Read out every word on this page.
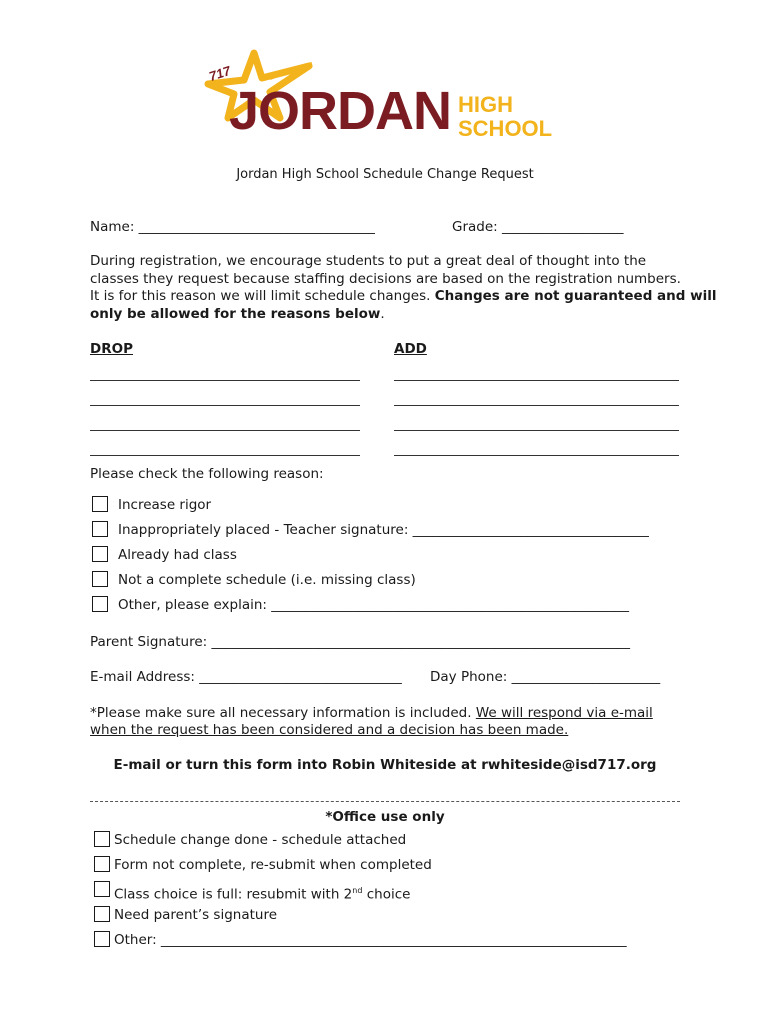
717
JORDAN HIGH
SCHOOL
Jordan High School Schedule Change Request
Name: ___________________________________	Grade: __________________
During registration, we encourage students to put a great deal of thought into the
classes they request because staffing decisions are based on the registration numbers.
It is for this reason we will limit schedule changes. Changes are not guaranteed and will
only be allowed for the reasons below.
DROP	ADD
Please check the following reason:
Increase rigor
Inappropriately placed - Teacher signature: ___________________________________
Already had class
Not a complete schedule (i.e. missing class)
Other, please explain: _____________________________________________________
Parent Signature: ______________________________________________________________
E-mail Address: ______________________________ Day Phone: ______________________
*Please make sure all necessary information is included. We will respond via e-mail
when the request has been considered and a decision has been made.
E-mail or turn this form into Robin Whiteside at rwhiteside@isd717.org
*Office use only
Schedule change done - schedule attached
Form not complete, re-submit when completed
Class choice is full: resubmit with 2nd choice
Need parent’s signature
Other: _____________________________________________________________________
